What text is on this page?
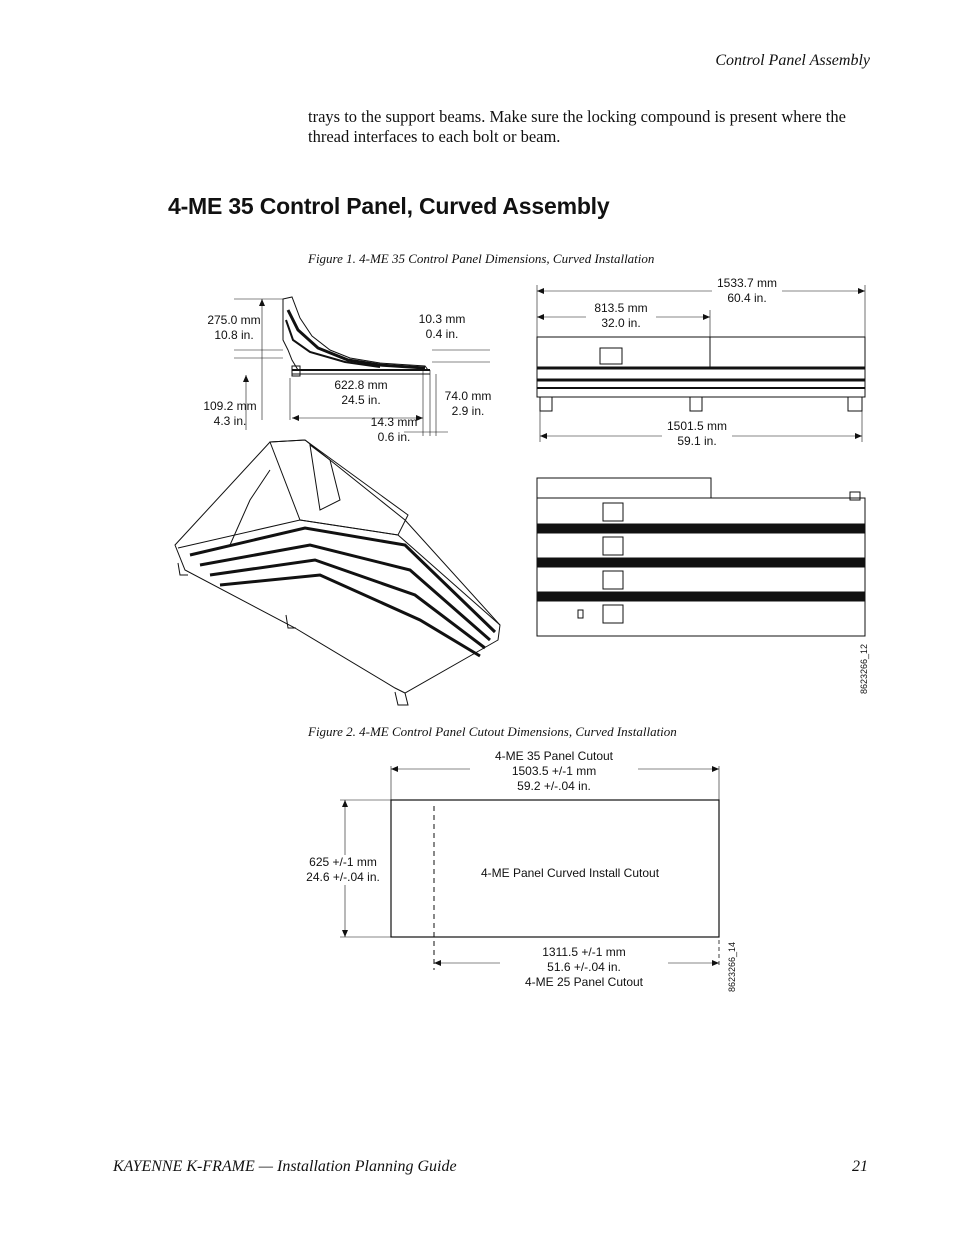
Control Panel Assembly
trays to the support beams. Make sure the locking compound is present where the thread interfaces to each bolt or beam.
4-ME 35 Control Panel, Curved Assembly
Figure 1. 4-ME 35 Control Panel Dimensions, Curved Installation
275.0 mm
10.8 in.
109.2 mm
4.3 in.
10.3 mm
0.4 in.
622.8 mm
24.5 in.	74.0 mm
2.9 in.
14.3 mm
0.6 in.
1533.7 mm
60.4 in.
813.5 mm
32.0 in.
1501.5 mm
59.1 in.
8623266_12
Figure 2. 4-ME Control Panel Cutout Dimensions, Curved Installation
4-ME 35 Panel Cutout
1503.5 +/-1 mm
59.2 +/-.04 in.
625 +/-1 mm
24.6 +/-.04 in.	4-ME Panel Curved Install Cutout
1311.5 +/-1 mm
51.6 +/-.04 in.
4-ME 25 Panel Cutout	8623266_14
KAYENNE K-FRAME — Installation Planning Guide	21
